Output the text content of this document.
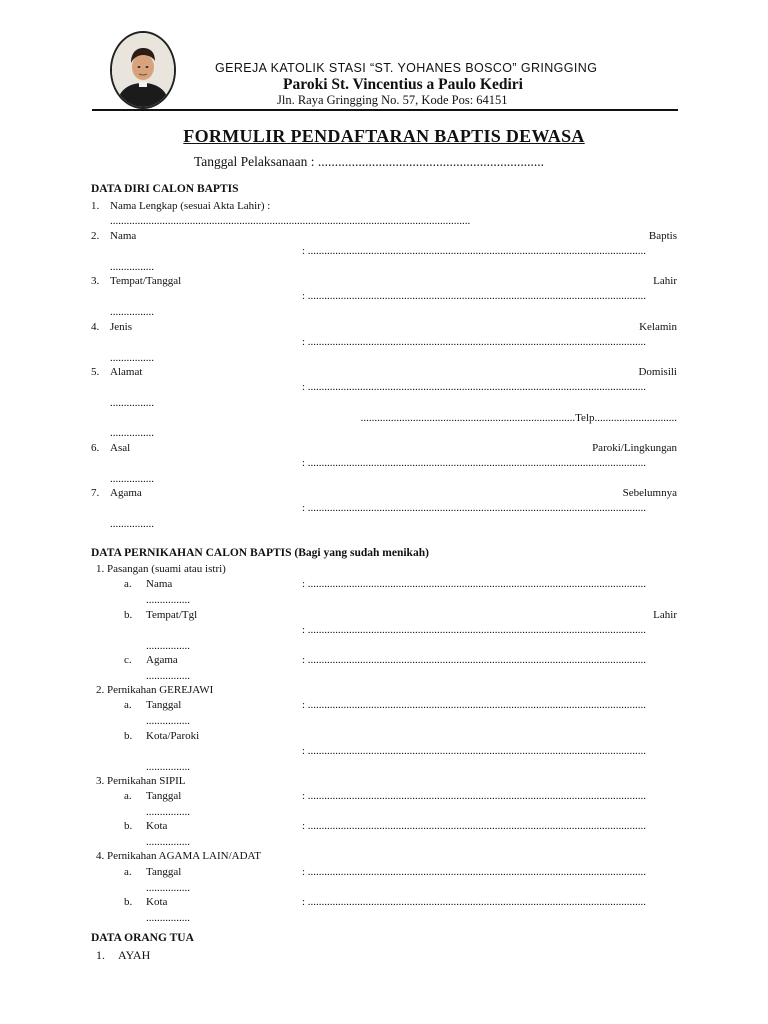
GEREJA KATOLIK STASI “ST. YOHANES BOSCO” GRINGGING
Paroki St. Vincentius a Paulo Kediri
Jln. Raya Gringging No. 57, Kode Pos: 64151
FORMULIR PENDAFTARAN BAPTIS DEWASA
Tanggal Pelaksanaan : ...................................................................
DATA DIRI CALON BAPTIS
1. Nama Lengkap (sesuai Akta Lahir) :
...................................................................................................................................
2. Nama	Baptis
: ...........................................................................................................................
................
3. Tempat/Tanggal	Lahir
: ...........................................................................................................................
................
4. Jenis	Kelamin
: ...........................................................................................................................
................
5. Alamat	Domisili
: ...........................................................................................................................
................
..............................................................................Telp..............................
................
6. Asal	Paroki/Lingkungan
: ...........................................................................................................................
................
7. Agama	Sebelumnya
: ...........................................................................................................................
................
DATA PERNIKAHAN CALON BAPTIS (Bagi yang sudah menikah)
1. Pasangan (suami atau istri)
a. Nama	: ...........................................................................................................................
................
b. Tempat/Tgl	Lahir
: ...........................................................................................................................
................
c. Agama	: ...........................................................................................................................
................
2. Pernikahan GEREJAWI
a. Tanggal	: ...........................................................................................................................
................
b. Kota/Paroki
: ...........................................................................................................................
................
3. Pernikahan SIPIL
a. Tanggal	: ...........................................................................................................................
................
b. Kota	: ...........................................................................................................................
................
4. Pernikahan AGAMA LAIN/ADAT
a. Tanggal	: ...........................................................................................................................
................
b. Kota	: ...........................................................................................................................
................
DATA ORANG TUA
1. AYAH
